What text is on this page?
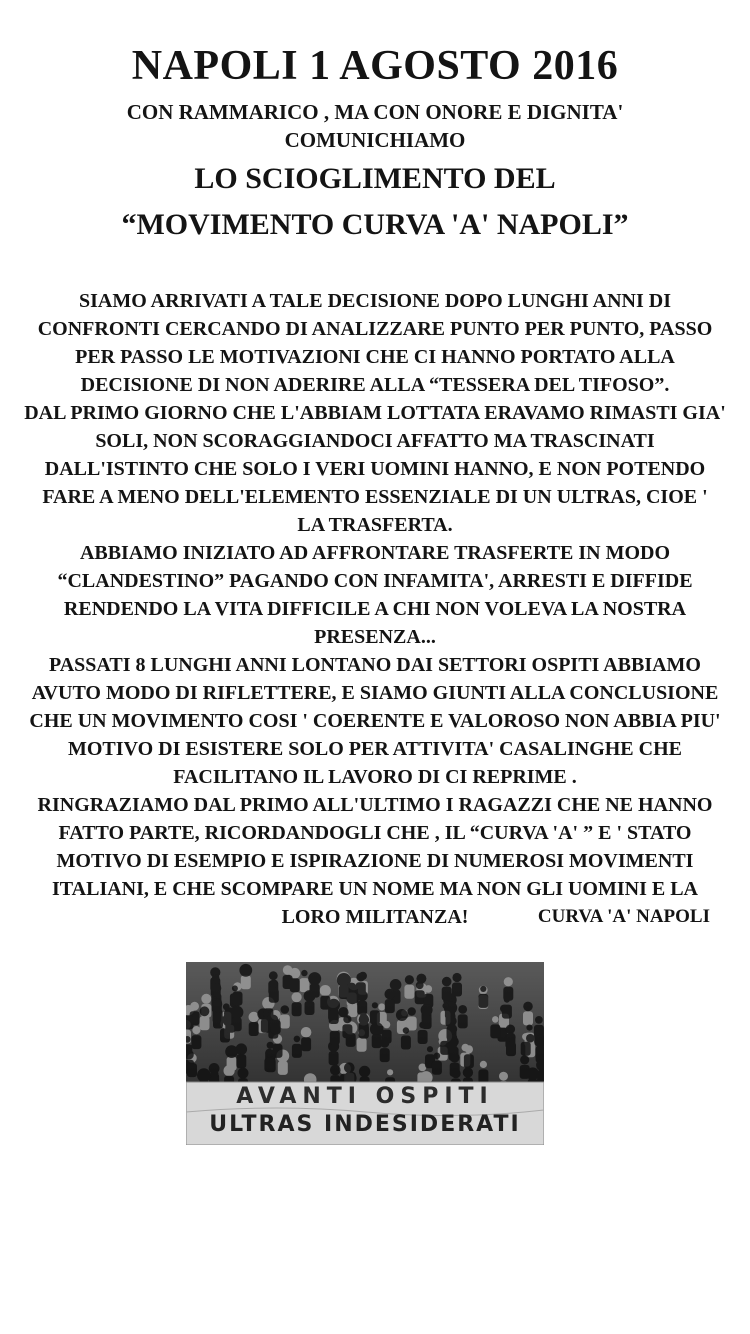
NAPOLI 1 AGOSTO 2016

CON RAMMARICO , MA CON ONORE E DIGNITA'

COMUNICHIAMO

LO SCIOGLIMENTO DEL

“MOVIMENTO CURVA 'A' NAPOLI”

SIAMO ARRIVATI A TALE DECISIONE DOPO LUNGHI ANNI DI
CONFRONTI CERCANDO DI ANALIZZARE PUNTO PER PUNTO, PASSO
PER PASSO LE MOTIVAZIONI CHE CI HANNO PORTATO ALLA
DECISIONE DI NON ADERIRE ALLA “TESSERA DEL TIFOSO”.
DAL PRIMO GIORNO CHE L'ABBIAM LOTTATA ERAVAMO RIMASTI GIA'
SOLI, NON SCORAGGIANDOCI AFFATTO MA TRASCINATI
DALL'ISTINTO CHE SOLO I VERI UOMINI HANNO, E NON POTENDO
FARE A MENO DELL'ELEMENTO ESSENZIALE DI UN ULTRAS, CIOE '
LA TRASFERTA.
ABBIAMO INIZIATO AD AFFRONTARE TRASFERTE IN MODO
“CLANDESTINO” PAGANDO CON INFAMITA', ARRESTI E DIFFIDE
RENDENDO LA VITA DIFFICILE A CHI NON VOLEVA LA NOSTRA
PRESENZA...
PASSATI 8 LUNGHI ANNI LONTANO DAI SETTORI OSPITI ABBIAMO
AVUTO MODO DI RIFLETTERE, E SIAMO GIUNTI ALLA CONCLUSIONE
CHE UN MOVIMENTO COSI ' COERENTE E VALOROSO NON ABBIA PIU'
MOTIVO DI ESISTERE SOLO PER ATTIVITA' CASALINGHE CHE
FACILITANO IL LAVORO DI CI REPRIME .
RINGRAZIAMO DAL PRIMO ALL'ULTIMO I RAGAZZI CHE NE HANNO
FATTO PARTE, RICORDANDOGLI CHE , IL “CURVA 'A' ” E ' STATO
MOTIVO DI ESEMPIO E ISPIRAZIONE DI NUMEROSI MOVIMENTI
ITALIANI, E CHE SCOMPARE UN NOME MA NON GLI UOMINI E LA
LORO MILITANZA!	CURVA 'A' NAPOLI

AVANTI OSPITI

ULTRAS INDESIDERATI
